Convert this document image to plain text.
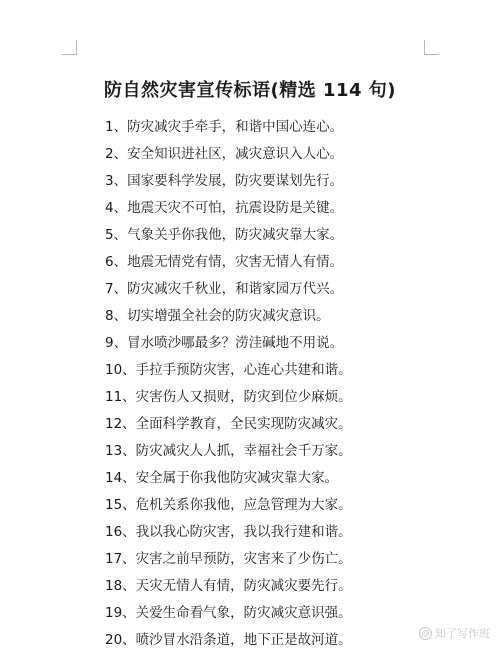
防自然灾害宣传标语(精选 114 句)
1、防灾减灾手牵手，和谐中国心连心。
2、安全知识进社区，减灾意识入人心。
3、国家要科学发展，防灾要谋划先行。
4、地震天灾不可怕，抗震设防是关键。
5、气象关乎你我他，防灾减灾靠大家。
6、地震无情党有情，灾害无情人有情。
7、防灾减灾千秋业，和谐家园万代兴。
8、切实增强全社会的防灾减灾意识。
9、冒水喷沙哪最多？涝洼碱地不用说。
10、手拉手预防灾害，心连心共建和谐。
11、灾害伤人又损财，防灾到位少麻烦。
12、全面科学教育，全民实现防灾减灾。
13、防灾减灾人人抓，幸福社会千万家。
14、安全属于你我他防灾减灾靠大家。
15、危机关系你我他，应急管理为大家。
16、我以我心防灾害，我以我行建和谐。
17、灾害之前早预防，灾害来了少伤亡。
18、天灾无情人有情，防灾减灾要先行。
19、关爱生命看气象，防灾减灾意识强。
20、喷沙冒水沿条道，地下正是故河道。	@ 知了写作班
